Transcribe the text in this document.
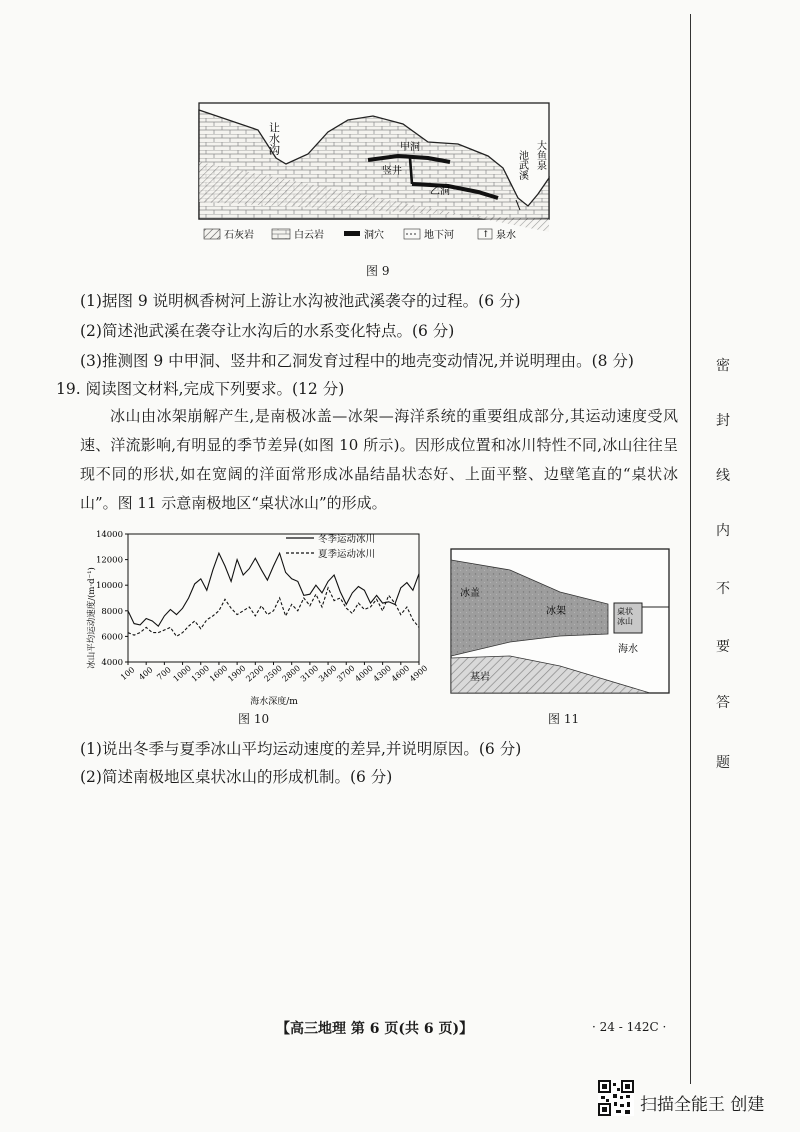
让水沟	甲洞
竖井
乙洞
池武溪 大鱼泉
石灰岩	白云岩	洞穴	地下河	↑ 泉水
图 9
(1)据图 9 说明枫香树河上游让水沟被池武溪袭夺的过程。(6 分)
(2)简述池武溪在袭夺让水沟后的水系变化特点。(6 分)
(3)推测图 9 中甲洞、竖井和乙洞发育过程中的地壳变动情况,并说明理由。(8 分)
19. 阅读图文材料,完成下列要求。(12 分)
冰山由冰架崩解产生,是南极冰盖—冰架—海洋系统的重要组成部分,其运动速度受风速、洋流影响,有明显的季节差异(如图 10 所示)。因形成位置和冰川特性不同,冰山往往呈现不同的形状,如在宽阔的洋面常形成冰晶结晶状态好、上面平整、边壁笔直的“桌状冰山”。图 11 示意南极地区“桌状冰山”的形成。
4000
6000
8000
10000
12000
14000
100 400 700
1000
1300
1600
1900
2200
2500
2800
3100
3400
3700
4000
4300
4600
4900
冬季运动冰川
夏季运动冰川
冰山平均运动速度/(m·d⁻¹)
海水深度/m
图 10
冰盖
冰架	桌状 冰山
海水
基岩
图 11
(1)说出冬季与夏季冰山平均运动速度的差异,并说明原因。(6 分)
(2)简述南极地区桌状冰山的形成机制。(6 分)
【高三地理 第 6 页(共 6 页)】	· 24 - 142C ·
密
封
线
内
不
要
答
题
扫描全能王 创建
